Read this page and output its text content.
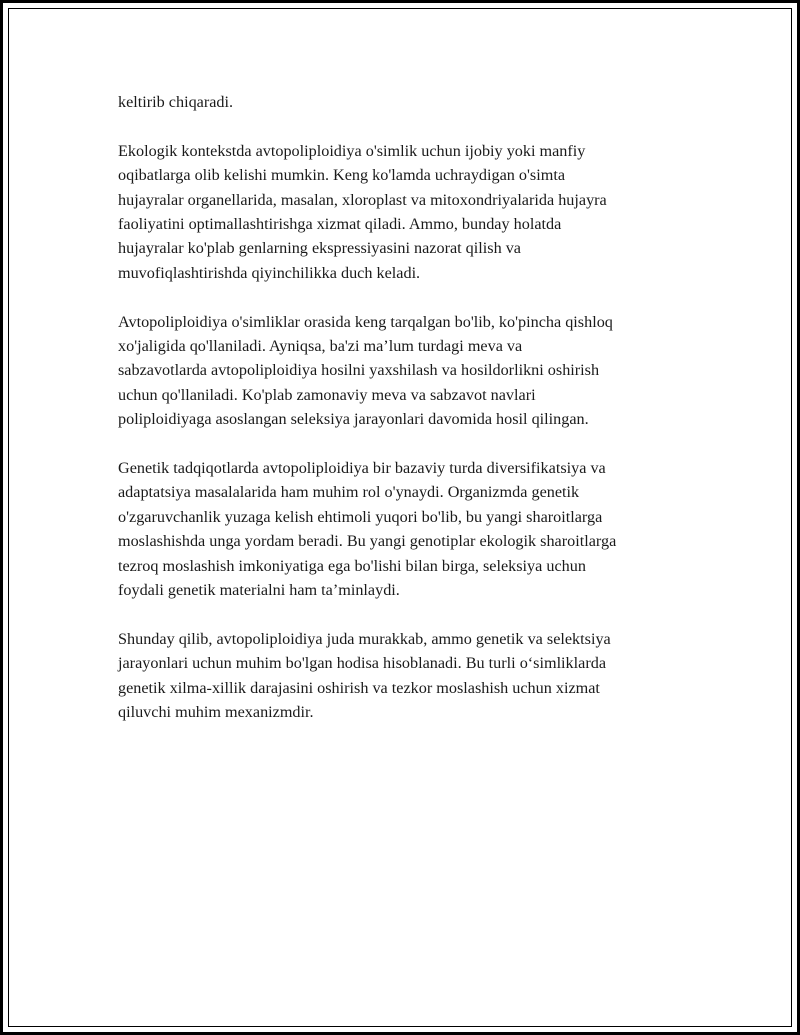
keltirib chiqaradi.

Ekologik kontekstda avtopoliploidiya o'simlik uchun ijobiy yoki manfiy
oqibatlarga olib kelishi mumkin. Keng ko'lamda uchraydigan o'simta
hujayralar organellarida, masalan, xloroplast va mitoxondriyalarida hujayra
faoliyatini optimallashtirishga xizmat qiladi. Ammo, bunday holatda
hujayralar ko'plab genlarning ekspressiyasini nazorat qilish va
muvofiqlashtirishda qiyinchilikka duch keladi.

Avtopoliploidiya o'simliklar orasida keng tarqalgan bo'lib, ko'pincha qishloq
xo'jaligida qo'llaniladi. Ayniqsa, ba'zi ma’lum turdagi meva va
sabzavotlarda avtopoliploidiya hosilni yaxshilash va hosildorlikni oshirish
uchun qo'llaniladi. Ko'plab zamonaviy meva va sabzavot navlari
poliploidiyaga asoslangan seleksiya jarayonlari davomida hosil qilingan.

Genetik tadqiqotlarda avtopoliploidiya bir bazaviy turda diversifikatsiya va
adaptatsiya masalalarida ham muhim rol o'ynaydi. Organizmda genetik
o'zgaruvchanlik yuzaga kelish ehtimoli yuqori bo'lib, bu yangi sharoitlarga
moslashishda unga yordam beradi. Bu yangi genotiplar ekologik sharoitlarga
tezroq moslashish imkoniyatiga ega bo'lishi bilan birga, seleksiya uchun
foydali genetik materialni ham ta’minlaydi.

Shunday qilib, avtopoliploidiya juda murakkab, ammo genetik va selektsiya
jarayonlari uchun muhim bo'lgan hodisa hisoblanadi. Bu turli o‘simliklarda
genetik xilma-xillik darajasini oshirish va tezkor moslashish uchun xizmat
qiluvchi muhim mexanizmdir.
